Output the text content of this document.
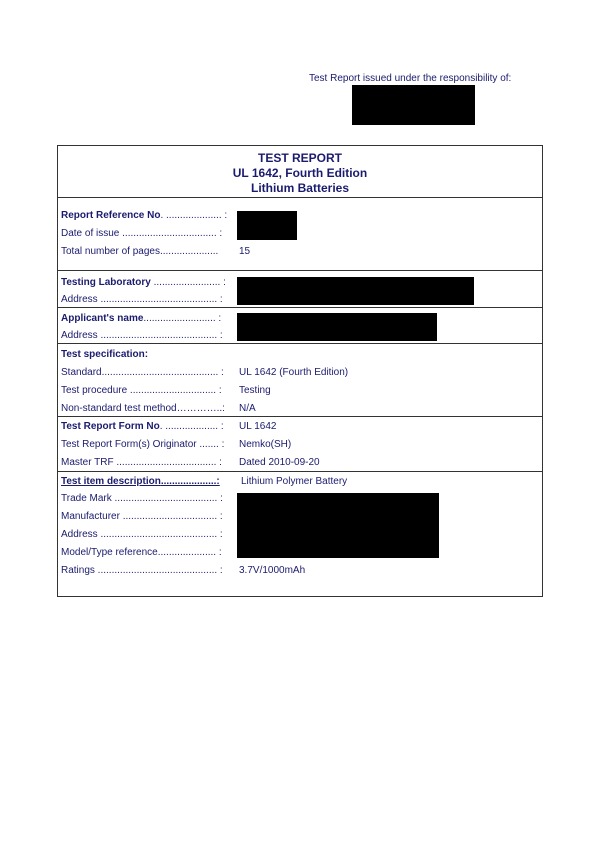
Test Report issued under the responsibility of:
TEST REPORT
UL 1642, Fourth Edition
Lithium Batteries
Report Reference No. .................... :
Date of issue .................................. :
Total number of pages..................... 15
Testing Laboratory ........................ :
Address .......................................... :
Applicant's name.......................... :
Address .......................................... :
Test specification:
Standard.......................................... : UL 1642 (Fourth Edition)
Test procedure ............................... : Testing
Non-standard test method…………..: N/A
Test Report Form No. ................... : UL 1642
Test Report Form(s) Originator ....... : Nemko(SH)
Master TRF .................................... : Dated 2010-09-20
Test item description....................: Lithium Polymer Battery
Trade Mark ..................................... :
Manufacturer .................................. :
Address .......................................... :
Model/Type reference..................... :
Ratings ........................................... : 3.7V/1000mAh
